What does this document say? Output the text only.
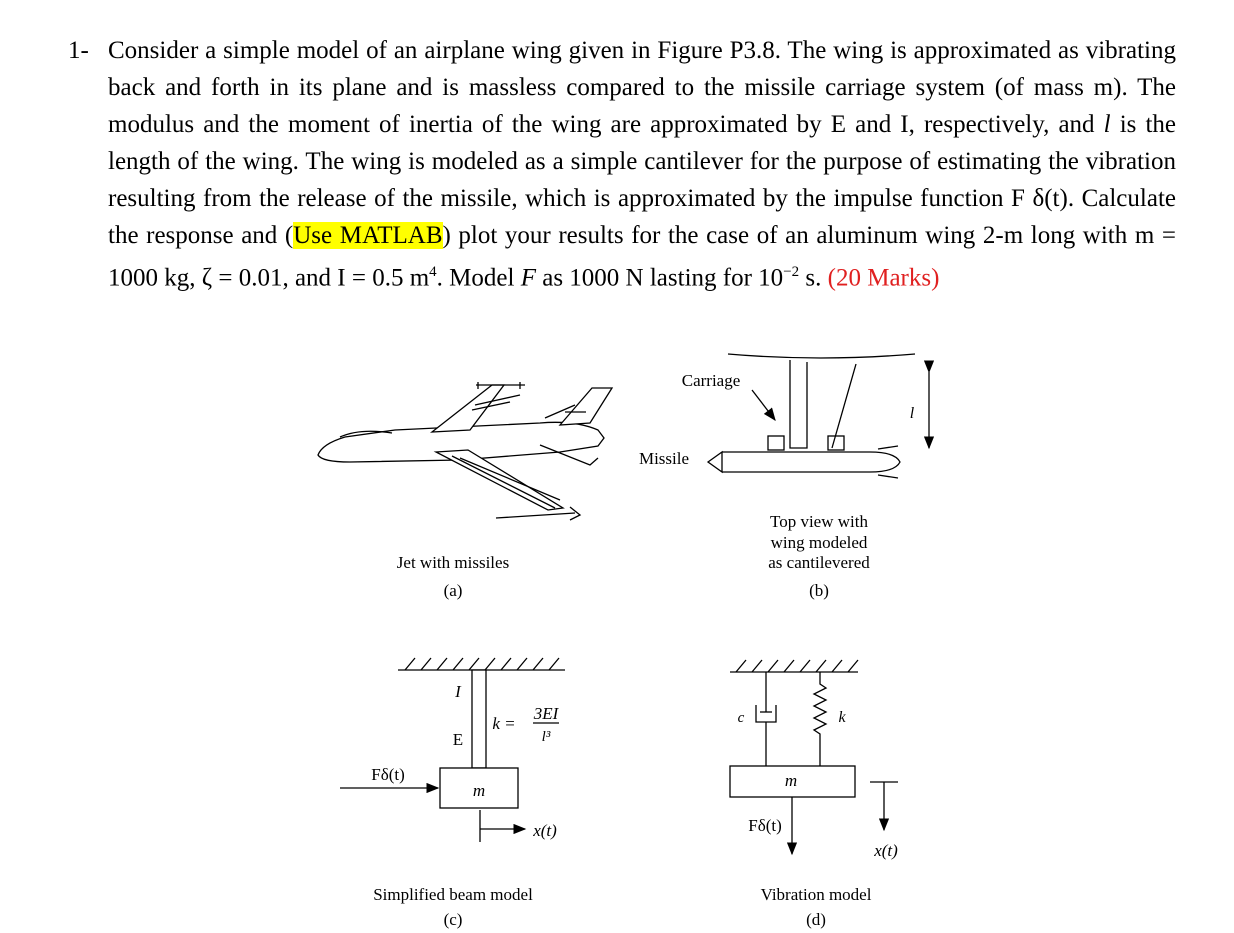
1- Consider a simple model of an airplane wing given in Figure P3.8. The wing is approximated as vibrating back and forth in its plane and is massless compared to the missile carriage system (of mass m). The modulus and the moment of inertia of the wing are approximated by E and I, respectively, and l is the length of the wing. The wing is modeled as a simple cantilever for the purpose of estimating the vibration resulting from the release of the missile, which is approximated by the impulse function F δ(t). Calculate the response and (Use MATLAB) plot your results for the case of an aluminum wing 2-m long with m = 1000 kg, ζ = 0.01, and I = 0.5 $m^4$. Model F as 1000 N lasting for $10^{-2}$ s. (20 Marks)
Jet with missiles
(a)
Carriage
Missile
l
Top view with
wing modeled
as cantilevered
(b)
I
E
k =
3EI
l³
Fδ(t)
m
x(t)
Simplified beam model
(c)
c	k
m
Fδ(t)
x(t)
Vibration model
(d)
